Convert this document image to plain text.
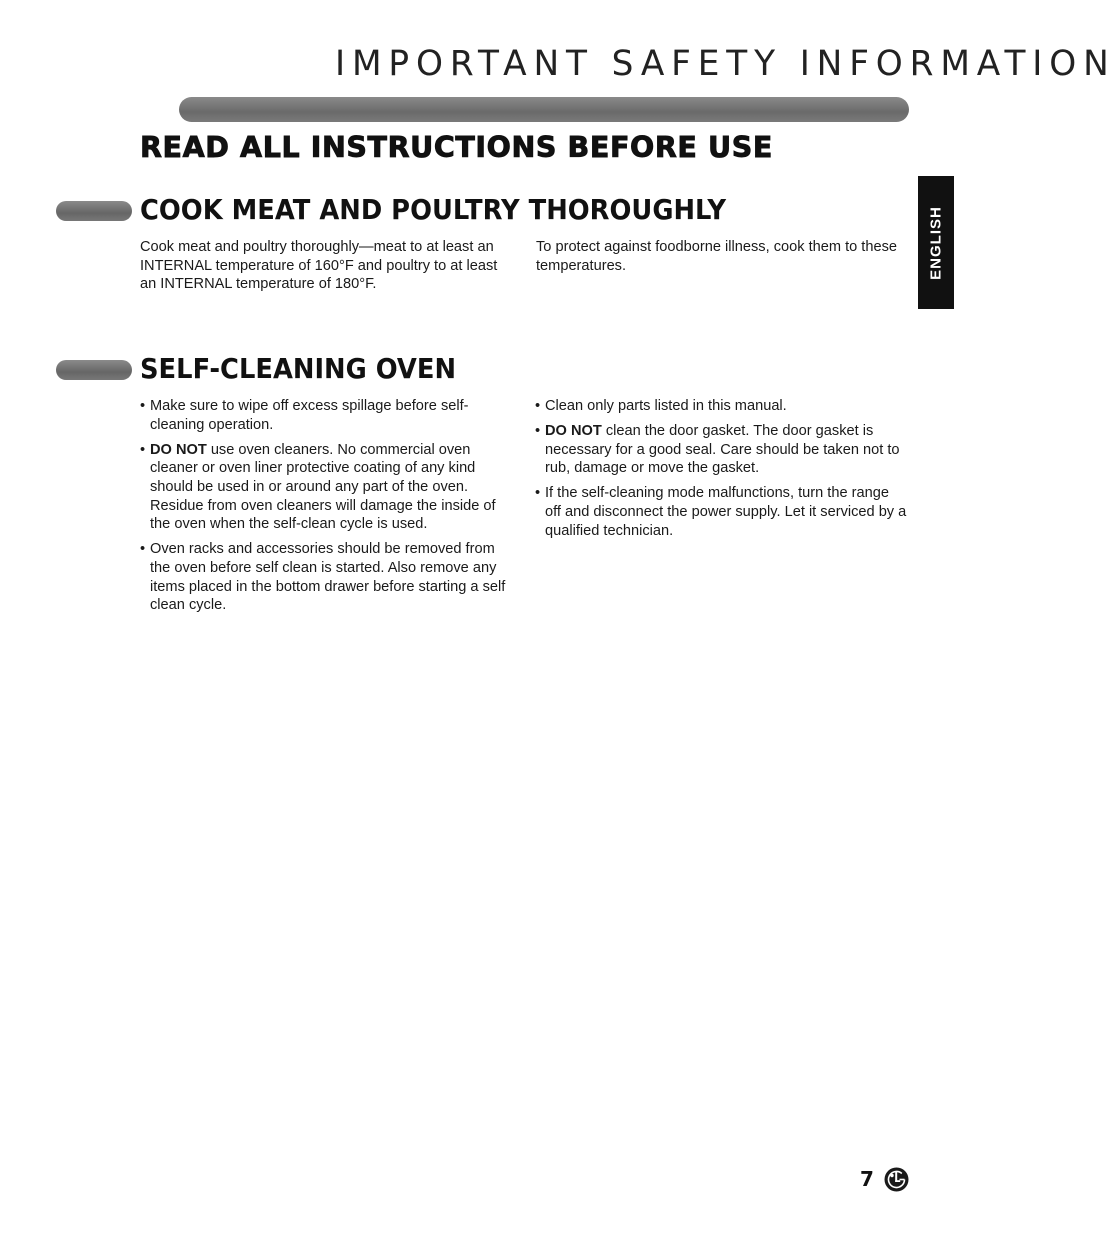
IMPORTANT SAFETY INFORMATION
READ ALL INSTRUCTIONS BEFORE USE
ENGLISH
COOK MEAT AND POULTRY THOROUGHLY

Cook meat and poultry thoroughly—meat to at least an INTERNAL temperature of 160°F and poultry to at least an INTERNAL temperature of 180°F.

To protect against foodborne illness, cook them to these temperatures.

SELF-CLEANING OVEN
• Make sure to wipe off excess spillage before self-cleaning operation.
• DO NOT use oven cleaners. No commercial oven cleaner or oven liner protective coating of any kind should be used in or around any part of the oven. Residue from oven cleaners will damage the inside of the oven when the self-clean cycle is used.
• Oven racks and accessories should be removed from the oven before self clean is started. Also remove any items placed in the bottom drawer before starting a self clean cycle.
• Clean only parts listed in this manual.
• DO NOT clean the door gasket. The door gasket is necessary for a good seal. Care should be taken not to rub, damage or move the gasket.
• If the self-cleaning mode malfunctions, turn the range off and disconnect the power supply. Let it serviced by a qualified technician.
7
